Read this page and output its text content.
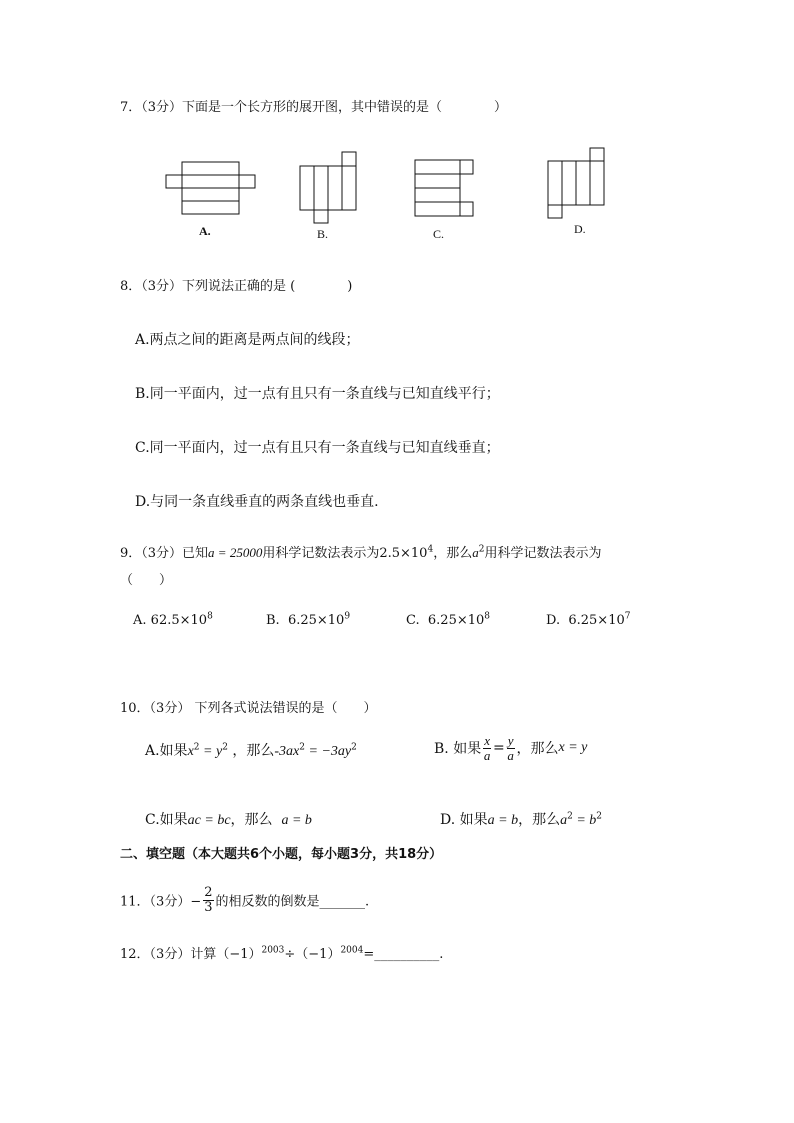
7．（3分）下面是一个长方形的展开图，其中错误的是（　　　　）
A.	B.	C.	D.
8．（3分）下列说法正确的是 (　　　　)
A.两点之间的距离是两点间的线段；
B.同一平面内，过一点有且只有一条直线与已知直线平行；
C.同一平面内，过一点有且只有一条直线与已知直线垂直；
D.与同一条直线垂直的两条直线也垂直.
9．（3分）已知a = 25000用科学记数法表示为$2.5\times 10^4$，那么$a^2$用科学记数法表示为
（　　）
A. $62.5\times 10^8$	B. $6.25\times 10^9$	C. $6.25\times 10^8$	D. $6.25\times 10^7$
10．（3分） 下列各式说法错误的是（　　）
A.如果$x^2 = y^2$ ，那么$-3ax^2 = -3ay^2$	B. 如果 $\frac{x}{a} = \frac{y}{a}$ ，那么x = y
C.如果ac = bc，那么 a = b	D. 如果a = b，那么$a^2 = b^2$
二、填空题（本大题共6个小题，每小题3分，共18分）
11．（3分）− $\frac{2}{3}$ 的相反数的倒数是_______.
12．（3分）计算$(-1)^{2003}\div(-1)^{2004}=\_\_\_\_\_\_\_\_\_\_$.
